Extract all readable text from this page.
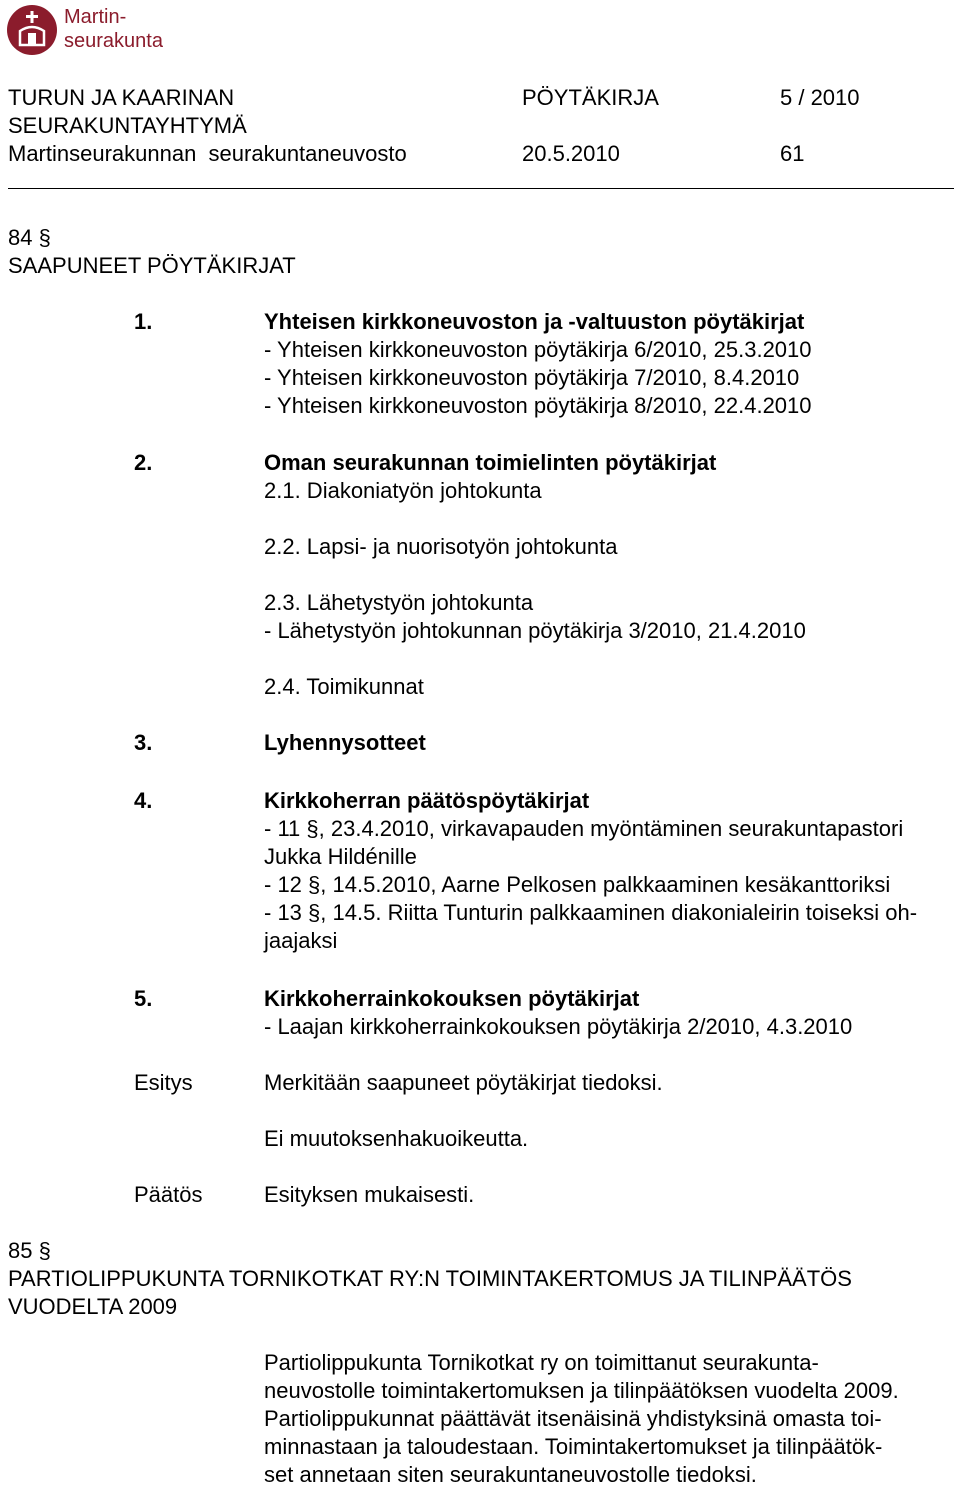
Martin-
seurakunta
TURUN JA KAARINAN	PÖYTÄKIRJA	5 / 2010
SEURAKUNTAYHTYMÄ
Martinseurakunnan  seurakuntaneuvosto	20.5.2010	61
84 §
SAAPUNEET PÖYTÄKIRJAT
1.	Yhteisen kirkkoneuvoston ja -valtuuston pöytäkirjat
- Yhteisen kirkkoneuvoston pöytäkirja 6/2010, 25.3.2010
- Yhteisen kirkkoneuvoston pöytäkirja 7/2010, 8.4.2010
- Yhteisen kirkkoneuvoston pöytäkirja 8/2010, 22.4.2010
2.	Oman seurakunnan toimielinten pöytäkirjat
2.1. Diakoniatyön johtokunta
2.2. Lapsi- ja nuorisotyön johtokunta
2.3. Lähetystyön johtokunta
- Lähetystyön johtokunnan pöytäkirja 3/2010, 21.4.2010
2.4. Toimikunnat
3.	Lyhennysotteet
4.	Kirkkoherran päätöspöytäkirjat
- 11 §, 23.4.2010, virkavapauden myöntäminen seurakuntapastori
Jukka Hildénille
- 12 §, 14.5.2010, Aarne Pelkosen palkkaaminen kesäkanttoriksi
- 13 §, 14.5. Riitta Tunturin palkkaaminen diakonialeirin toiseksi oh-
jaajaksi
5.	Kirkkoherrainkokouksen pöytäkirjat
- Laajan kirkkoherrainkokouksen pöytäkirja 2/2010, 4.3.2010
Esitys	Merkitään saapuneet pöytäkirjat tiedoksi.
Ei muutoksenhakuoikeutta.
Päätös	Esityksen mukaisesti.
85 §
PARTIOLIPPUKUNTA TORNIKOTKAT RY:N TOIMINTAKERTOMUS JA TILINPÄÄTÖS
VUODELTA 2009
Partiolippukunta Tornikotkat ry on toimittanut seurakunta-
neuvostolle toimintakertomuksen ja tilinpäätöksen vuodelta 2009.
Partiolippukunnat päättävät itsenäisinä yhdistyksinä omasta toi-
minnastaan ja taloudestaan. Toimintakertomukset ja tilinpäätök-
set annetaan siten seurakuntaneuvostolle tiedoksi.
